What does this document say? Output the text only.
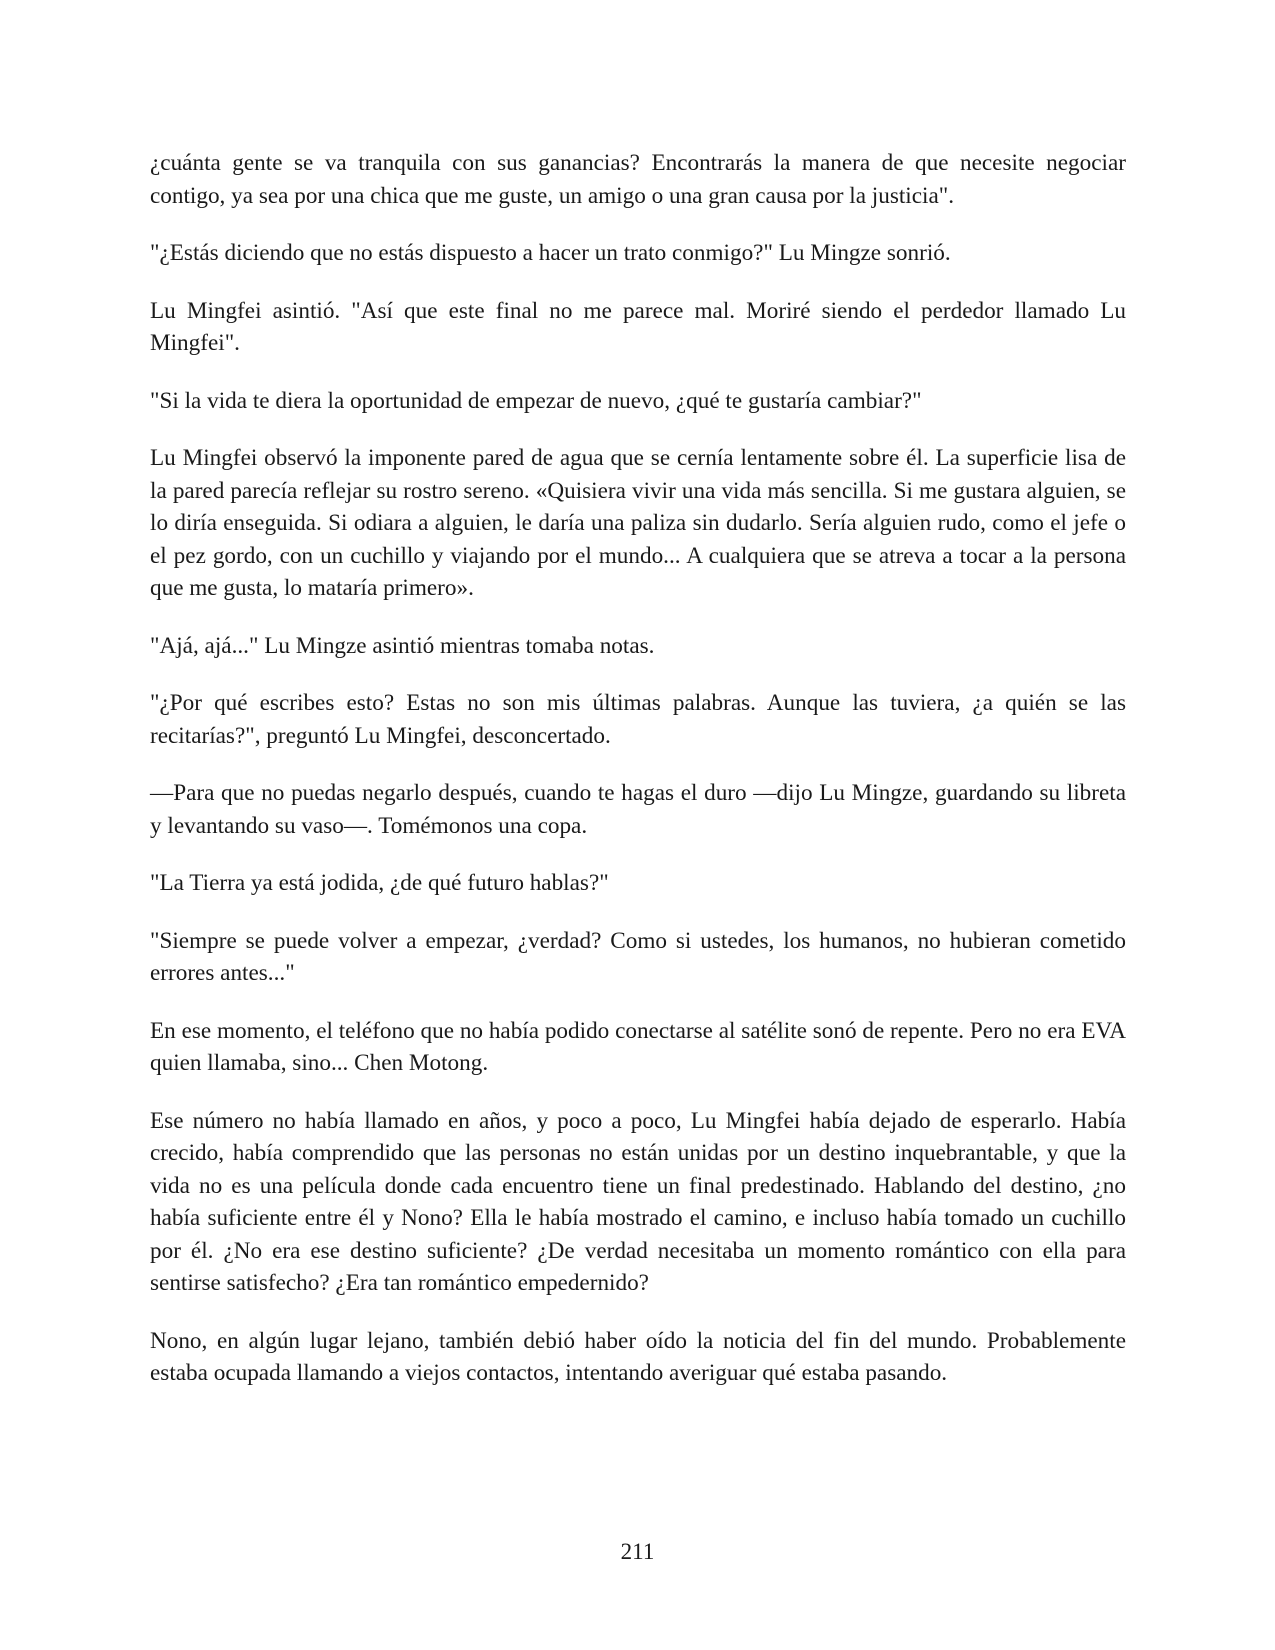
¿cuánta gente se va tranquila con sus ganancias? Encontrarás la manera de que necesite negociar contigo, ya sea por una chica que me guste, un amigo o una gran causa por la justicia".

"¿Estás diciendo que no estás dispuesto a hacer un trato conmigo?" Lu Mingze sonrió.

Lu Mingfei asintió. "Así que este final no me parece mal. Moriré siendo el perdedor llamado Lu Mingfei".

"Si la vida te diera la oportunidad de empezar de nuevo, ¿qué te gustaría cambiar?"

Lu Mingfei observó la imponente pared de agua que se cernía lentamente sobre él. La superficie lisa de la pared parecía reflejar su rostro sereno. «Quisiera vivir una vida más sencilla. Si me gustara alguien, se lo diría enseguida. Si odiara a alguien, le daría una paliza sin dudarlo. Sería alguien rudo, como el jefe o el pez gordo, con un cuchillo y viajando por el mundo... A cualquiera que se atreva a tocar a la persona que me gusta, lo mataría primero».

"Ajá, ajá..." Lu Mingze asintió mientras tomaba notas.

"¿Por qué escribes esto? Estas no son mis últimas palabras. Aunque las tuviera, ¿a quién se las recitarías?", preguntó Lu Mingfei, desconcertado.

—Para que no puedas negarlo después, cuando te hagas el duro —dijo Lu Mingze, guardando su libreta y levantando su vaso—. Tomémonos una copa.

"La Tierra ya está jodida, ¿de qué futuro hablas?"

"Siempre se puede volver a empezar, ¿verdad? Como si ustedes, los humanos, no hubieran cometido errores antes..."

En ese momento, el teléfono que no había podido conectarse al satélite sonó de repente. Pero no era EVA quien llamaba, sino... Chen Motong.

Ese número no había llamado en años, y poco a poco, Lu Mingfei había dejado de esperarlo. Había crecido, había comprendido que las personas no están unidas por un destino inquebrantable, y que la vida no es una película donde cada encuentro tiene un final predestinado. Hablando del destino, ¿no había suficiente entre él y Nono? Ella le había mostrado el camino, e incluso había tomado un cuchillo por él. ¿No era ese destino suficiente? ¿De verdad necesitaba un momento romántico con ella para sentirse satisfecho? ¿Era tan romántico empedernido?

Nono, en algún lugar lejano, también debió haber oído la noticia del fin del mundo. Probablemente estaba ocupada llamando a viejos contactos, intentando averiguar qué estaba pasando.

211
